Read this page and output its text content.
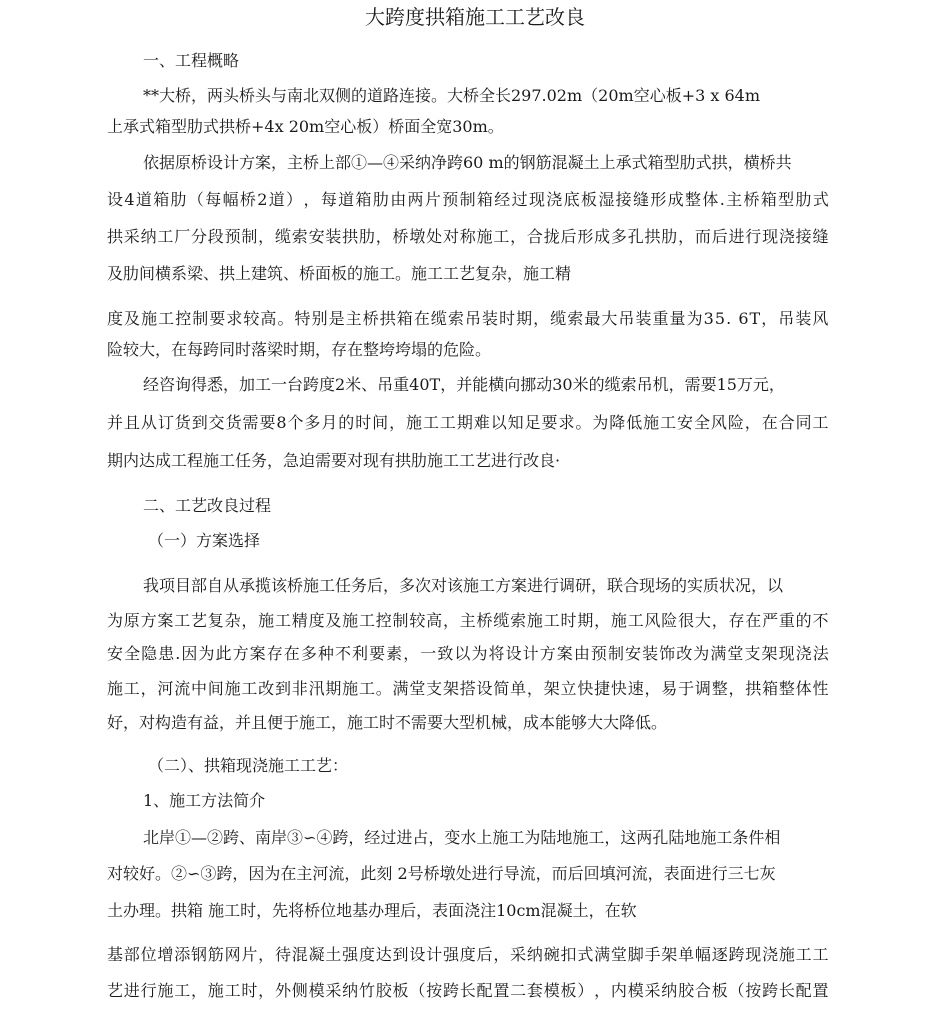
大跨度拱箱施工工艺改良
一、工程概略
**大桥，两头桥头与南北双侧的道路连接。大桥全长297.02m（20m空心板+3 x 64m
上承式箱型肋式拱桥+4x 20m空心板）桥面全宽30m。
依据原桥设计方案，主桥上部①—④采纳净跨60 m的钢筋混凝土上承式箱型肋式拱，横桥共
设 4 道 箱 肋 （ 每 幅 桥 2 道 ） ， 每 道 箱 肋 由 两 片 预 制 箱 经 过 现 浇 底 板 湿 接 缝 形 成 整 体 . 主 桥 箱 型 肋 式
拱 采 纳 工 厂 分 段 预 制 ， 缆 索 安 装 拱 肋 ， 桥 墩 处 对 称 施 工 ， 合 拢 后 形 成 多 孔 拱 肋 ， 而 后 进 行 现 浇 接 缝
及肋间横系梁、拱上建筑、桥面板的施工。施工工艺复杂，施工精
度 及 施 工 控 制 要 求 较 高 。 特 别 是 主 桥 拱 箱 在 缆 索 吊 装 时 期 ， 缆 索 最 大 吊 装 重 量 为 3 5 .
6 T ， 吊 装 风
险较大，在每跨同时落梁时期，存在整垮垮塌的危险。
经咨询得悉，加工一台跨度2米、吊重40T，并能横向挪动30米的缆索吊机，需要15万元，
并 且 从 订 货 到 交 货 需 要 8 个 多 月 的 时 间 ， 施 工 工 期 难 以 知 足 要 求 。 为 降 低 施 工 安 全 风 险 ， 在 合 同 工
期内达成工程施工任务，急迫需要对现有拱肋施工工艺进行改良·
二、工艺改良过程
（一）方案选择
我项目部自从承揽该桥施工任务后，多次对该施工方案进行调研，联合现场的实质状况，以
为 原 方 案 工 艺 复 杂 ， 施 工 精 度 及 施 工 控 制 较 高 ， 主 桥 缆 索 施 工 时 期 ， 施 工 风 险 很 大 ， 存 在 严 重 的 不
安 全 隐 患 . 因 为 此 方 案 存 在 多 种 不 利 要 素 ， 一 致 以 为 将 设 计 方 案 由 预 制 安 装 饰 改 为 满 堂 支 架 现 浇 法
施 工 ， 河 流 中 间 施 工 改 到 非 汛 期 施 工 。 满 堂 支 架 搭 设 简 单 ， 架 立 快 捷 快 速 ， 易 于 调 整 ， 拱 箱 整 体 性
好，对构造有益，并且便于施工，施工时不需要大型机械，成本能够大大降低。
（二）、拱箱现浇施工工艺：
1、施工方法简介
北岸①—②跨、南岸③∽④跨，经过进占，变水上施工为陆地施工，这两孔陆地施工条件相
对较好。②∽③跨，因为在主河流，此刻 2号桥墩处进行导流，而后回填河流，表面进行三七灰
土办理。拱箱 施工时，先将桥位地基办理后，表面浇注10cm混凝土，在软
基 部 位 增 添 钢 筋 网 片 ， 待 混 凝 土 强 度 达 到 设 计 强 度 后 ， 采 纳 碗 扣 式 满 堂 脚 手 架 单 幅 逐 跨 现 浇 施 工 工
艺 进 行 施 工 ， 施 工 时 ， 外 侧 模 采 纳 竹 胶 板 （ 按 跨 长 配 置 二 套 模 板 ） ， 内 模 采 纳 胶 合 板 （ 按 跨 长 配 置
